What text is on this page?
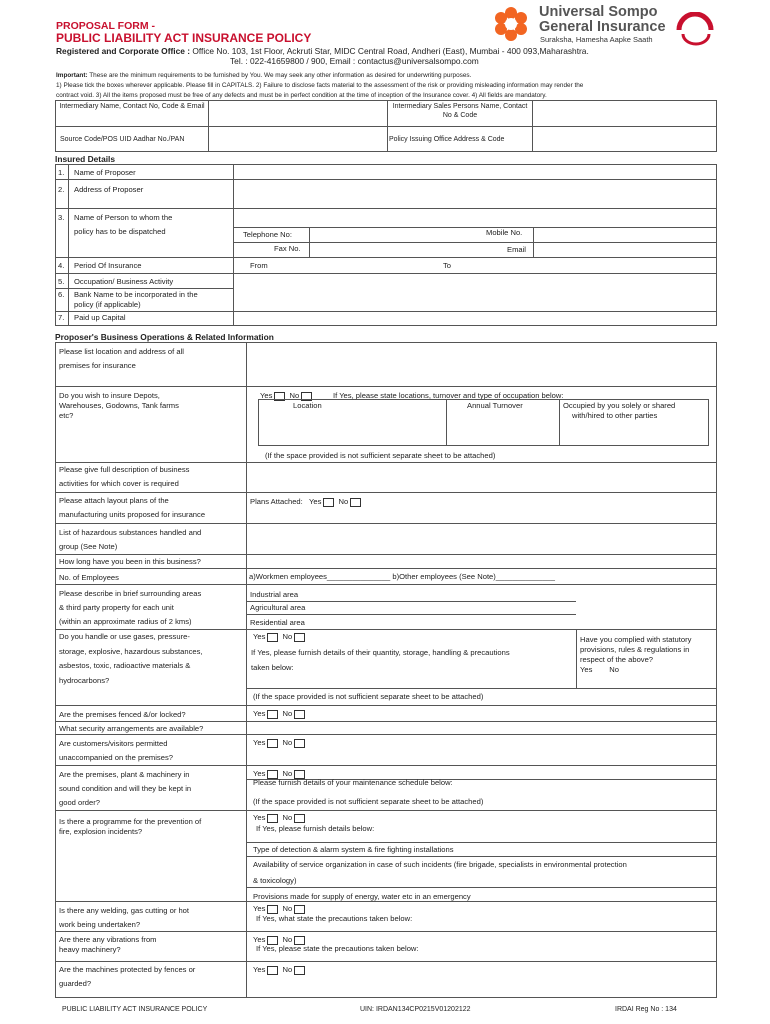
PROPOSAL FORM -
PUBLIC LIABILITY ACT INSURANCE POLICY
Universal Sompo
General Insurance
Suraksha, Hamesha Aapke Saath
Registered and Corporate Office : Office No. 103, 1st Floor, Ackruti Star, MIDC Central Road, Andheri (East), Mumbai - 400 093,Maharashtra.
Tel. : 022-41659800 / 900, Email : contactus@universalsompo.com
Important: These are the minimum requirements to be furnished by You. We may seek any other information as desired for underwriting purposes.
1) Please tick the boxes wherever applicable. Please fill in CAPITALS. 2) Failure to disclose facts material to the assessment of the risk or providing misleading information may render the
contract void. 3) All the items proposed must be free of any defects and must be in perfect condition at the time of inception of the Insurance cover. 4) All fields are mandatory.
Intermediary Name, Contact No, Code & Email	Intermediary Sales Persons Name, Contact No & Code
Source Code/POS UID Aadhar No./PAN	Policy Issuing Office Address & Code
Insured Details
1. Name of Proposer
2. Address of Proposer
3. Name of Person to whom the
policy has to be dispatched	Telephone No:	Mobile No.
Fax No.	Email
4. Period Of Insurance	From	To
5. Occupation/ Business Activity
6. Bank Name to be incorporated in the
policy (if applicable)
7. Paid up Capital
Proposer's Business Operations & Related Information
Please list location and address of all
premises for insurance
Do you wish to insure Depots,
Warehouses, Godowns, Tank farms
etc?
Yes No	If Yes, please state locations, turnover and type of occupation below:
Location	Annual Turnover	Occupied by you solely or shared
with/hired to other parties
(If the space provided is not sufficient separate sheet to be attached)
Please give full description of business
activities for which cover is required
Please attach layout plans of the
manufacturing units proposed for insurance
Plans Attached: Yes No
List of hazardous substances handled and
group (See Note)
How long have you been in this business?
No. of Employees	a)Workmen employees_______________ b)Other employees (See Note)______________
Please describe in brief surrounding areas
& third party property for each unit
(within an approximate radius of 2 kms)
Industrial area
Agricultural area
Residential area
Do you handle or use gases, pressure-
storage, explosive, hazardous substances,
asbestos, toxic, radioactive materials &
hydrocarbons?
Yes No
If Yes, please furnish details of their quantity, storage, handling & precautions
taken below:
Have you complied with statutory
provisions, rules & regulations in
respect of the above?
Yes No
(If the space provided is not sufficient separate sheet to be attached)
Are the premises fenced &/or locked?	Yes No
What security arrangements are available?
Are customers/visitors permitted
unaccompanied on the premises?
Yes No
Are the premises, plant & machinery in
sound condition and will they be kept in
good order?
Yes No
Please furnish details of your maintenance schedule below:
(If the space provided is not sufficient separate sheet to be attached)
Is there a programme for the prevention of
fire, explosion incidents?
Yes No
If Yes, please furnish details below:
Type of detection & alarm system & fire fighting installations
Availability of service organization in case of such incidents (fire brigade, specialists in environmental protection
& toxicology)
Provisions made for supply of energy, water etc in an emergency
Is there any welding, gas cutting or hot
work being undertaken?
Yes No
If Yes, what state the precautions taken below:
Are there any vibrations from
heavy machinery?
Yes No
If Yes, please state the precautions taken below:
Are the machines protected by fences or
guarded?
Yes No
PUBLIC LIABILITY ACT INSURANCE POLICY	UIN: IRDAN134CP0215V01202122	IRDAI Reg No : 134
